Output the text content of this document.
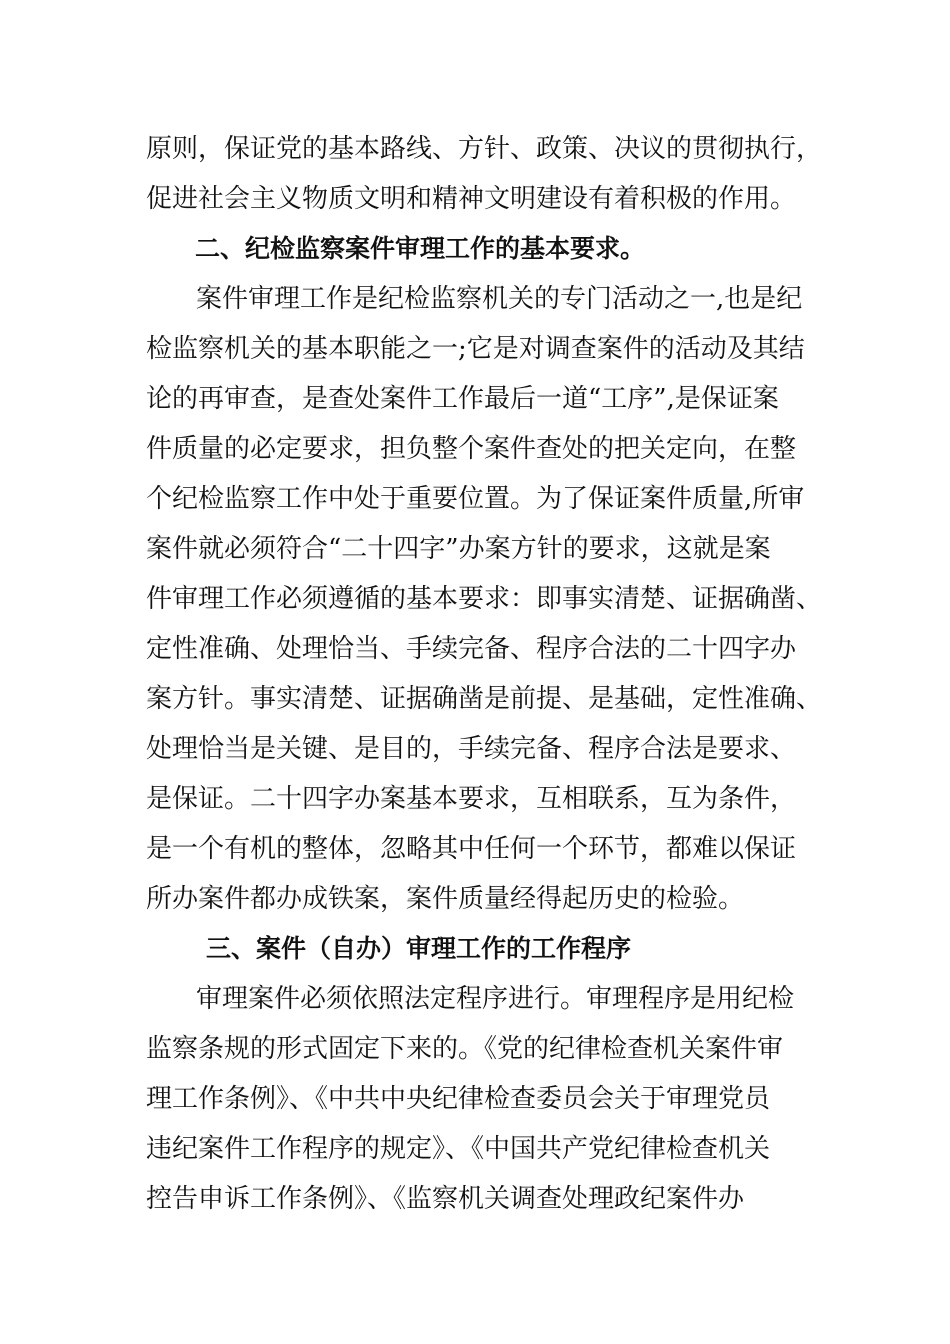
原则，保证党的基本路线、方针、政策、决议的贯彻执行，
促进社会主义物质文明和精神文明建设有着积极的作用。
二、纪检监察案件审理工作的基本要求。
案件审理工作是纪检监察机关的专门活动之一,也是纪
检监察机关的基本职能之一;它是对调查案件的活动及其结
论的再审查，是查处案件工作最后一道“工序”,是保证案
件质量的必定要求，担负整个案件查处的把关定向，在整
个纪检监察工作中处于重要位置。为了保证案件质量,所审
案件就必须符合“二十四字”办案方针的要求，这就是案
件审理工作必须遵循的基本要求：即事实清楚、证据确凿、
定性准确、处理恰当、手续完备、程序合法的二十四字办
案方针。事实清楚、证据确凿是前提、是基础，定性准确、
处理恰当是关键、是目的，手续完备、程序合法是要求、
是保证。二十四字办案基本要求，互相联系，互为条件，
是一个有机的整体，忽略其中任何一个环节，都难以保证
所办案件都办成铁案，案件质量经得起历史的检验。
三、案件（自办）审理工作的工作程序
审理案件必须依照法定程序进行。审理程序是用纪检
监察条规的形式固定下来的。《党的纪律检查机关案件审
理工作条例》、《中共中央纪律检查委员会关于审理党员
违纪案件工作程序的规定》、《中国共产党纪律检查机关
控告申诉工作条例》、《监察机关调查处理政纪案件办
